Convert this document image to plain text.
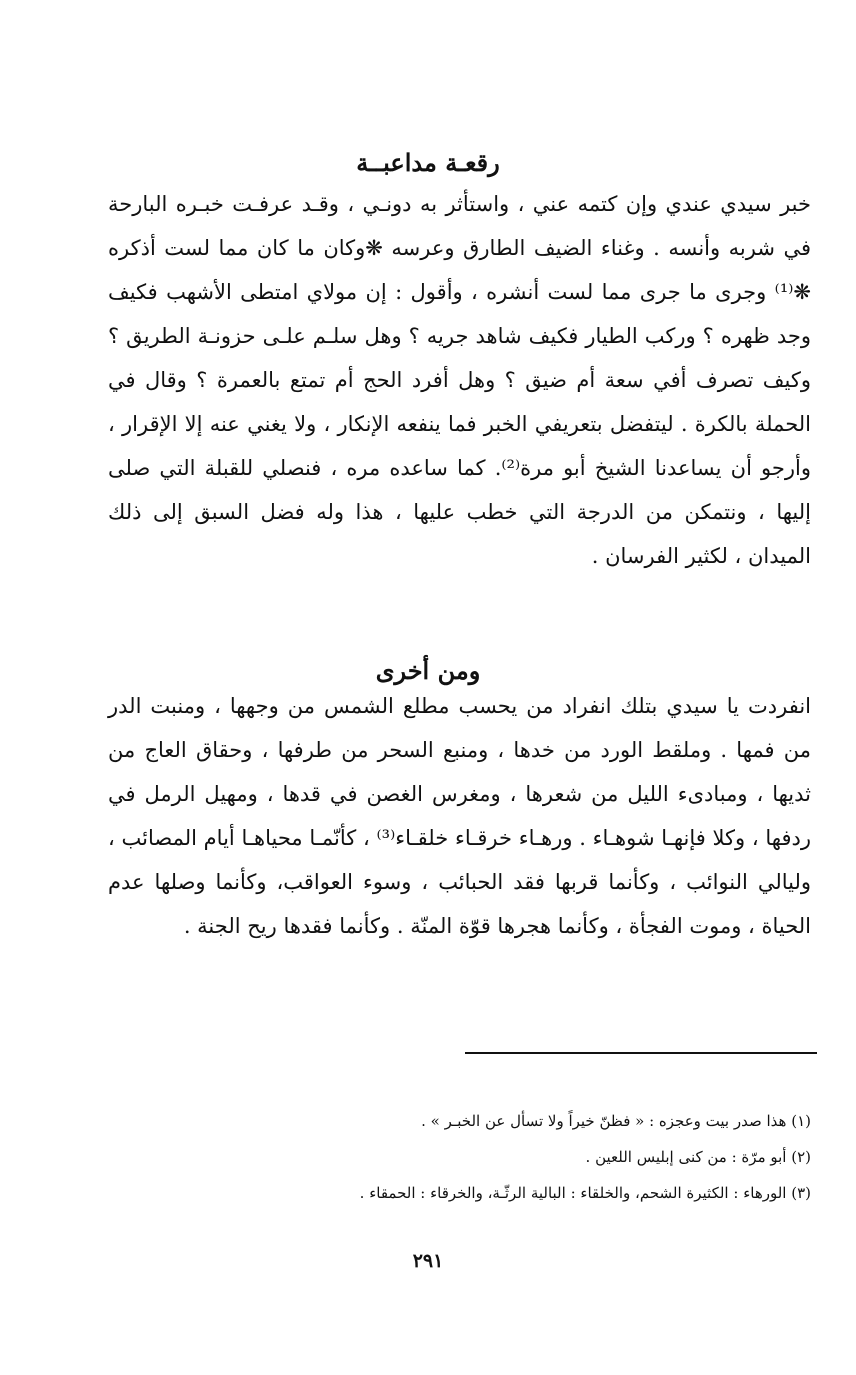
رقعـة مداعبــة

خبر سيدي عندي وإن كتمه عني ، واستأثر به دونـي ، وقـد عرفـت خبـره البارحة في شربه وأنسه . وغناء الضيف الطارق وعرسه ❋وكان ما كان مما لست أذكره ❋⁽¹⁾ وجرى ما جرى مما لست أنشره ، وأقول : إن مولاي امتطى الأشهب فكيف وجد ظهره ؟ وركب الطيار فكيف شاهد جريه ؟ وهل سلـم علـى حزونـة الطريق ؟ وكيف تصرف أفي سعة أم ضيق ؟ وهل أفرد الحج أم تمتع بالعمرة ؟ وقال في الحملة بالكرة . ليتفضل بتعريفي الخبر فما ينفعه الإنكار ، ولا يغني عنه إلا الإقرار ، وأرجو أن يساعدنا الشيخ أبو مرة⁽²⁾. كما ساعده مره ، فنصلي للقبلة التي صلى إليها ، ونتمكن من الدرجة التي خطب عليها ، هذا وله فضل السبق إلى ذلك الميدان ، لكثير الفرسان .

ومن أخرى

انفردت يا سيدي بتلك انفراد من يحسب مطلع الشمس من وجهها ، ومنبت الدر من فمها . وملقط الورد من خدها ، ومنبع السحر من طرفها ، وحقاق العاج من ثديها ، ومبادىء الليل من شعرها ، ومغرس الغصن في قدها ، ومهيل الرمل في ردفها ، وكلا فإنهـا شوهـاء . ورهـاء خرقـاء خلقـاء⁽³⁾ ، كأنّمـا محياهـا أيام المصائب ، وليالي النوائب ، وكأنما قربها فقد الحبائب ، وسوء العواقب، وكأنما وصلها عدم الحياة ، وموت الفجأة ، وكأنما هجرها قوّة المنّة . وكأنما فقدها ريح الجنة .

(١) هذا صدر بيت وعجزه : « فظنّ خيراً ولا تسأل عن الخبـر » .
(٢) أبو مرّة : من كنى إبليس اللعين .
(٣) الورهاء : الكثيرة الشحم، والخلقاء : البالية الرثّـة، والخرقاء : الحمقاء .
٢٩١
